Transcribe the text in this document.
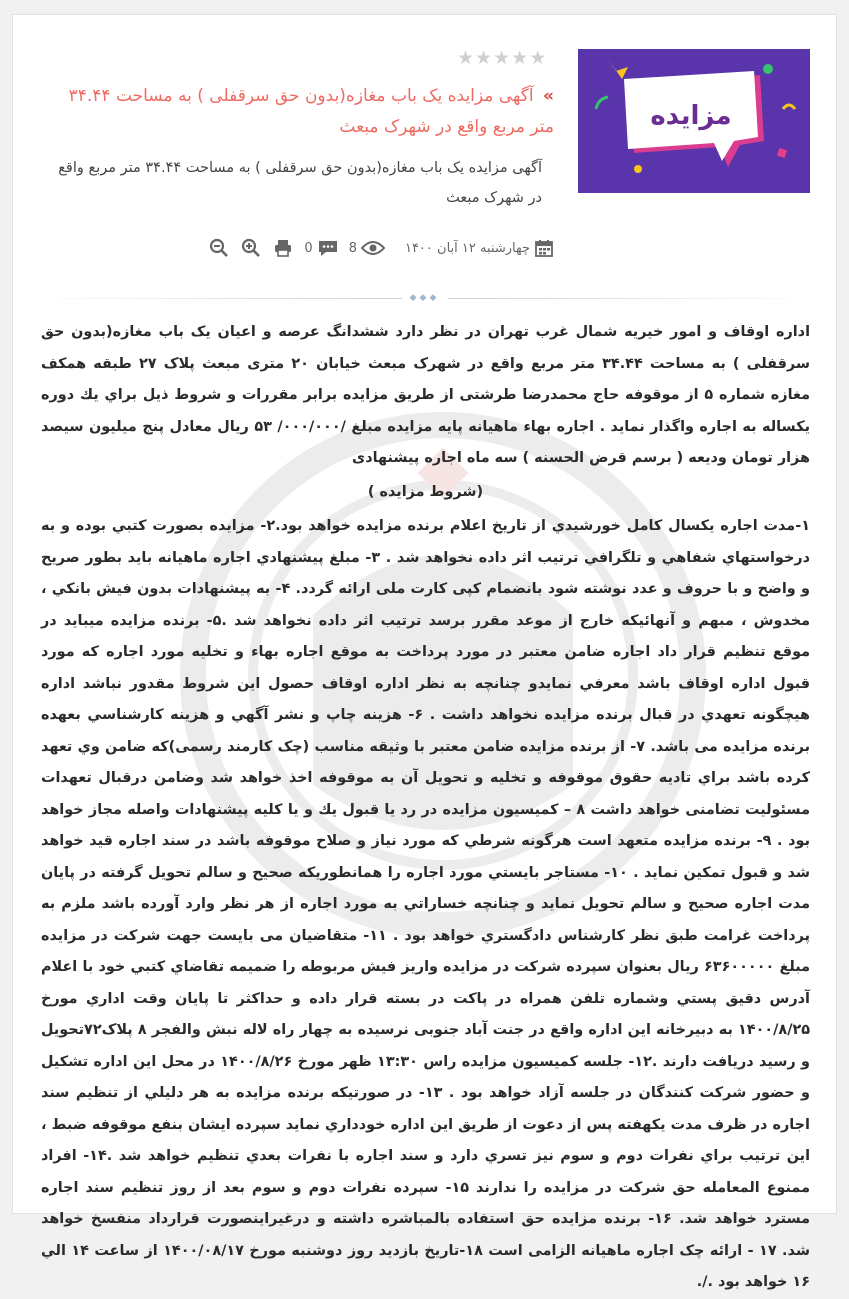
مزایده
★★★★★
» آگهی مزایده یک باب مغازه(بدون حق سرقفلی ) به مساحت ۳۴.۴۴ متر مربع واقع در شهرک مبعث
آگهی مزایده یک باب مغازه(بدون حق سرقفلی ) به مساحت ۳۴.۴۴ متر مربع واقع در شهرک مبعث
0	8	چهارشنبه ۱۲ آبان ۱۴۰۰
◆◆◆

اداره اوقاف و امور خیریه شمال غرب تهران در نظر دارد ششدانگ عرصه و اعیان یک باب مغازه(بدون حق سرقفلی ) به مساحت ۳۴.۴۴ متر مربع واقع در شهرک مبعث خیابان ۲۰ متری مبعث پلاک ۲۷ طبقه همکف مغازه شماره ۵ از موقوفه حاج محمدرضا طرشتی از طریق مزایده برابر مقررات و شروط ذیل براي يك دوره يكساله به اجاره واگذار نمايد . اجاره بهاء ماهیانه پایه مزایده مبلغ /۰۰۰/۰۰۰/ ۵۳ ریال معادل پنج میلیون سیصد هزار تومان ودیعه ( برسم قرض الحسنه ) سه ماه اجاره پیشنهادی

(شروط مزایده )

۱-مدت اجاره يكسال كامل خورشيدي از تاريخ اعلام برنده مزايده خواهد بود.۲- مزايده بصورت كتبي بوده و به درخواستهاي شفاهي و تلگرافي ترتيب اثر داده نخواهد شد . ۳- مبلغ پيشنهادي اجاره ماهيانه بايد بطور صريح و واضح و با حروف و عدد نوشته شود بانضمام کپی کارت ملی ارائه گردد. ۴- به پیشنهادات بدون فيش بانكي ، مخدوش ، مبهم و آنهائيكه خارج از موعد مقرر برسد ترتيب اثر داده نخواهد شد .۵- برنده مزايده ميبايد در موقع تنظيم قرار داد اجاره ضامن معتبر در مورد پرداخت به موقع اجاره بهاء و تخليه مورد اجاره كه مورد قبول اداره اوقاف باشد معرفي نمايدو چنانچه به نظر اداره اوقاف حصول اين شروط مقدور نباشد اداره هيچگونه تعهدي در قبال برنده مزايده نخواهد داشت . ۶- هزينه چاپ و نشر آگهي و هزينه كارشناسي بعهده برنده مزايده می باشد. ۷- از برنده مزايده ضامن معتبر با وثيقه مناسب (چک کارمند رسمی)كه ضامن وي تعهد كرده باشد براي تاديه حقوق موقوفه و تخليه و تحويل آن به موقوفه اخذ خواهد شد وضامن درقبال تعهدات مسئوليت تضامنی خواهد داشت ۸ – كميسيون مزايده در رد يا قبول يك و يا كليه پيشنهادات واصله مجاز خواهد بود . ۹- برنده مزايده متعهد است هرگونه شرطي كه مورد نياز و صلاح موقوفه باشد در سند اجاره قيد خواهد شد و قبول تمكين نمايد . ۱۰- مستاجر بايستي مورد اجاره را همانطوريكه صحيح و سالم تحويل گرفته در پايان مدت اجاره صحيح و سالم تحويل نمايد و چنانچه خساراتي به مورد اجاره از هر نظر وارد آورده باشد ملزم به پرداخت غرامت طبق نظر كارشناس دادگستري خواهد بود . ۱۱- متقاضیان می بایست جهت شرکت در مزایده مبلغ ۶۳۶۰۰۰۰۰ ریال بعنوان سپرده شركت در مزايده واريز فيش مربوطه را ضميمه تقاضاي كتبي خود با اعلام آدرس دقيق پستي وشماره تلفن همراه در پاكت در بسته قرار داده و حداكثر تا پايان وقت اداري مورخ ۱۴۰۰/۸/۲۵ به دبيرخانه اين اداره واقع در جنت آباد جنوبی نرسیده به چهار راه لاله نبش والفجر ۸ پلاک۷۲تحويل و رسيد دريافت دارند .۱۲- جلسه كميسيون مزايده راس ۱۳:۳۰ ظهر مورخ ۱۴۰۰/۸/۲۶ در محل اين اداره تشكيل و حضور شركت كنندگان در جلسه آزاد خواهد بود . ۱۳- در صورتيكه برنده مزايده به هر دليلي از تنظيم سند اجاره در ظرف مدت يكهفته پس از دعوت از طريق اين اداره خودداري نمايد سپرده ايشان بنفع موقوفه ضبط ، اين ترتيب براي نفرات دوم و سوم نيز تسري دارد و سند اجاره با نفرات بعدي تنظيم خواهد شد .۱۴- افراد ممنوع المعامله حق شركت در مزايده را ندارند ۱۵- سپرده نفرات دوم و سوم بعد از روز تنظيم سند اجاره مسترد خواهد شد. ۱۶- برنده مزایده حق استفاده بالمباشره داشته و درغیراینصورت قرارداد منفسخ خواهد شد. ۱۷ - ارائه چک اجاره ماهیانه الزامی است ۱۸-تاریخ بازدید روز دوشنبه مورخ ۱۴۰۰/۰۸/۱۷ از ساعت ۱۴ الي ۱۶ خواهد بود ./.
